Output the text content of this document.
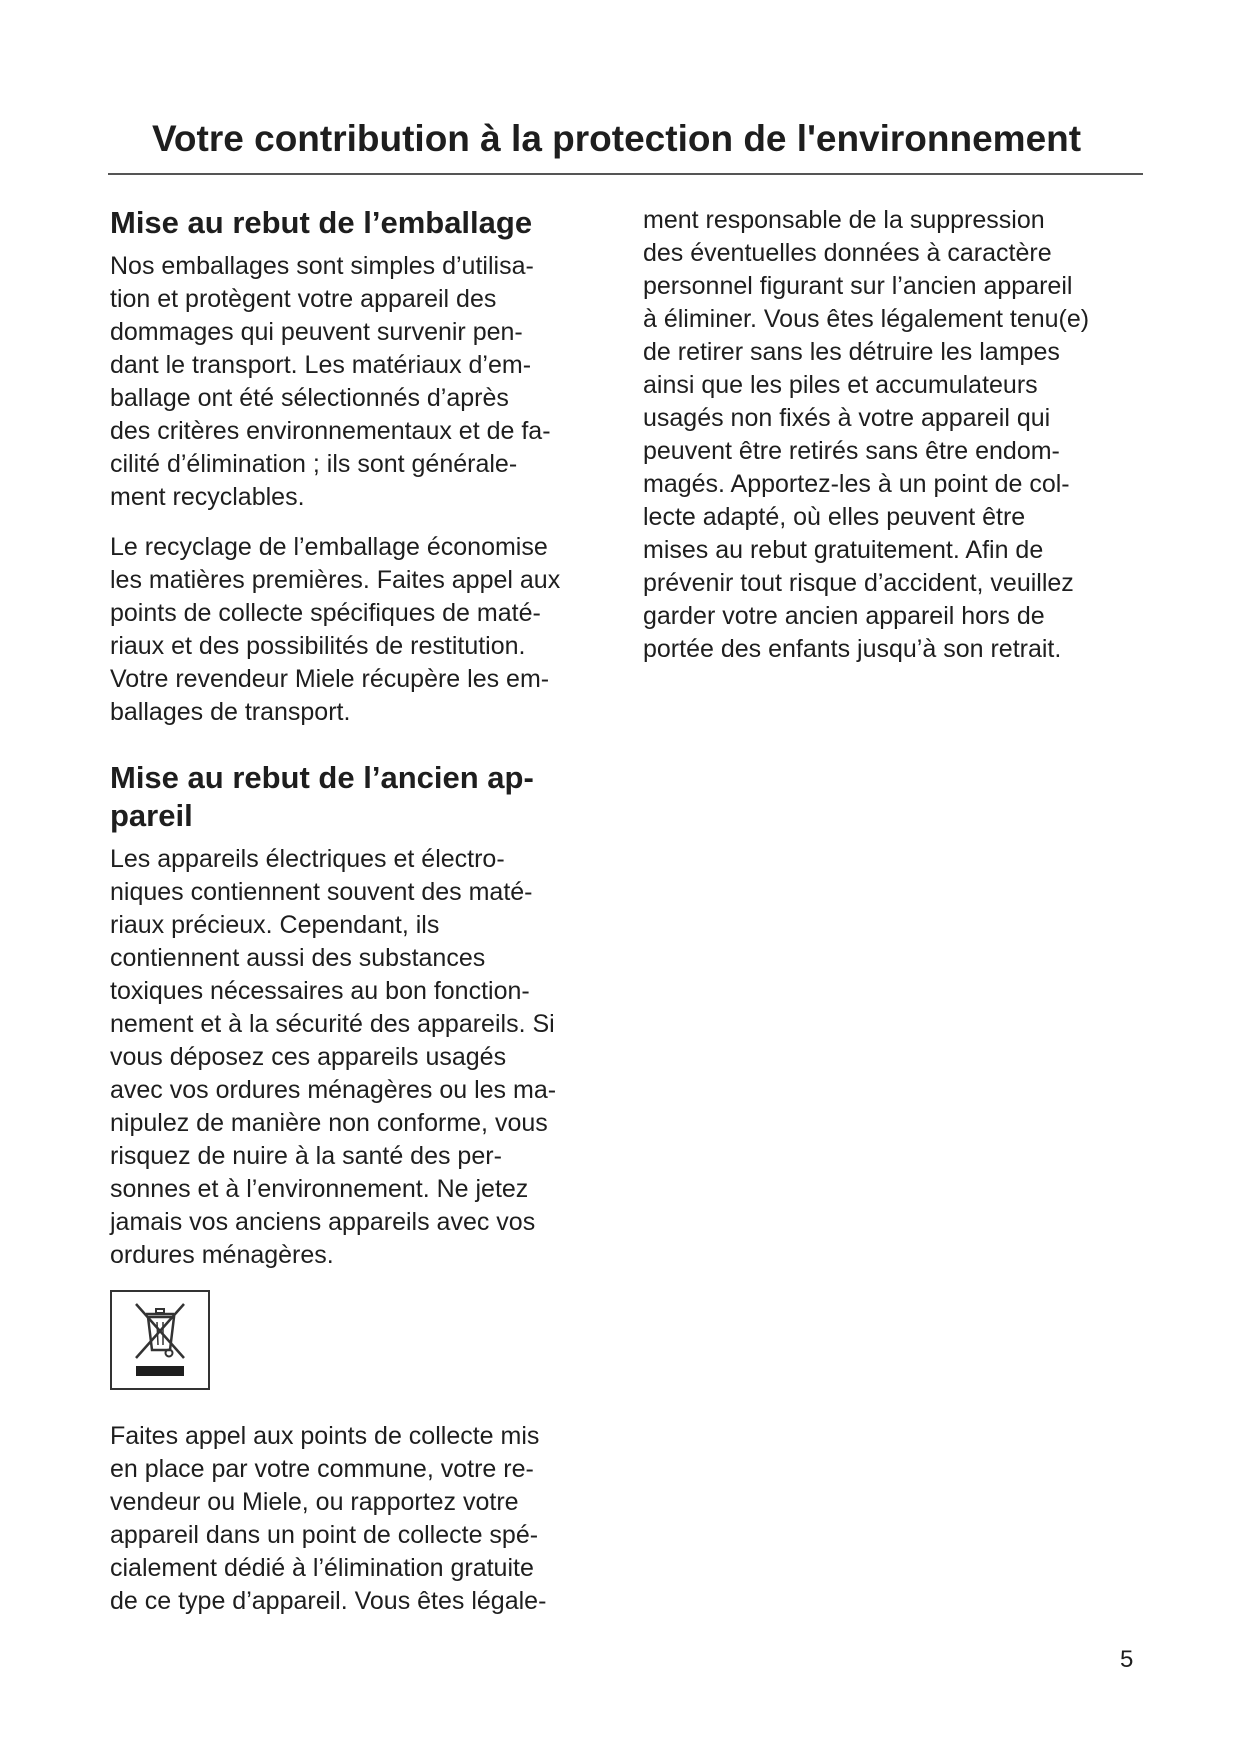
Votre contribution à la protection de l'environnement
Mise au rebut de l’emballage
Nos emballages sont simples d’utilisa-
tion et protègent votre appareil des
dommages qui peuvent survenir pen-
dant le transport. Les matériaux d’em-
ballage ont été sélectionnés d’après
des critères environnementaux et de fa-
cilité d’élimination ; ils sont générale-
ment recyclables.
Le recyclage de l’emballage économise
les matières premières. Faites appel aux
points de collecte spécifiques de maté-
riaux et des possibilités de restitution.
Votre revendeur Miele récupère les em-
ballages de transport.
Mise au rebut de l’ancien ap-
pareil
Les appareils électriques et électro-
niques contiennent souvent des maté-
riaux précieux. Cependant, ils
contiennent aussi des substances
toxiques nécessaires au bon fonction-
nement et à la sécurité des appareils. Si
vous déposez ces appareils usagés
avec vos ordures ménagères ou les ma-
nipulez de manière non conforme, vous
risquez de nuire à la santé des per-
sonnes et à l’environnement. Ne jetez
jamais vos anciens appareils avec vos
ordures ménagères.
Faites appel aux points de collecte mis
en place par votre commune, votre re-
vendeur ou Miele, ou rapportez votre
appareil dans un point de collecte spé-
cialement dédié à l’élimination gratuite
de ce type d’appareil. Vous êtes légale-
ment responsable de la suppression
des éventuelles données à caractère
personnel figurant sur l’ancien appareil
à éliminer. Vous êtes légalement tenu(e)
de retirer sans les détruire les lampes
ainsi que les piles et accumulateurs
usagés non fixés à votre appareil qui
peuvent être retirés sans être endom-
magés. Apportez-les à un point de col-
lecte adapté, où elles peuvent être
mises au rebut gratuitement. Afin de
prévenir tout risque d’accident, veuillez
garder votre ancien appareil hors de
portée des enfants jusqu’à son retrait.
5
